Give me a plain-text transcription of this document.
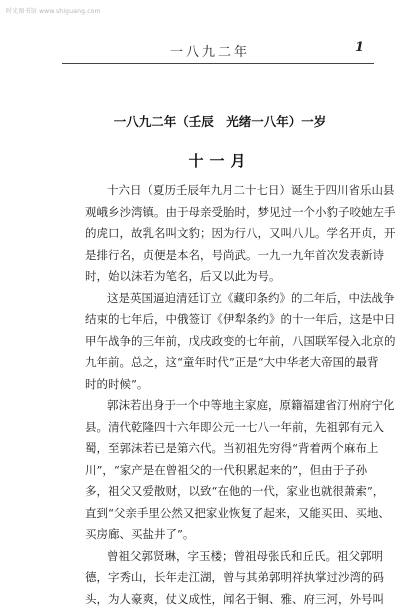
时光图书馆 www.shiguang.com
一八九二年	1
一八九二年（壬辰　光绪一八年）一岁
十一月
十六日（夏历壬辰年九月二十七日）诞生于四川省乐山县
观峨乡沙湾镇。由于母亲受胎时，梦见过一个小豹子咬她左手
的虎口，故乳名叫文豹；因为行八，又叫八儿。学名开贞，开
是排行名，贞便是本名，号尚武。一九一九年首次发表新诗
时，始以沫若为笔名，后又以此为号。
这是英国逼迫清廷订立《藏印条约》的二年后，中法战争
结束的七年后，中俄签订《伊犁条约》的十一年后，这是中日
甲午战争的三年前，戊戌政变的七年前，八国联军侵入北京的
九年前。总之，这“童年时代”正是“大中华老大帝国的最背
时的时候”。
郭沫若出身于一个中等地主家庭，原籍福建省汀州府宁化
县。清代乾隆四十六年即公元一七八一年前，先祖郭有元入
蜀，至郭沫若已是第六代。当初祖先穷得“背着两个麻布上
川”，“家产是在曾祖父的一代积累起来的”，但由于子孙
多，祖父又爱散财，以致“在他的一代，家业也就很萧索”，
直到“父亲手里公然又把家业恢复了起来，又能买田、买地、
买房廊、买盐井了”。
曾祖父郭贤琳，字玉楼；曾祖母张氏和丘氏。祖父郭明
德，字秀山，长年走江湖，曾与其弟郭明祥执掌过沙湾的码
头，为人豪爽，仗义成性，闻名于铜、雅、府三河，外号叫
